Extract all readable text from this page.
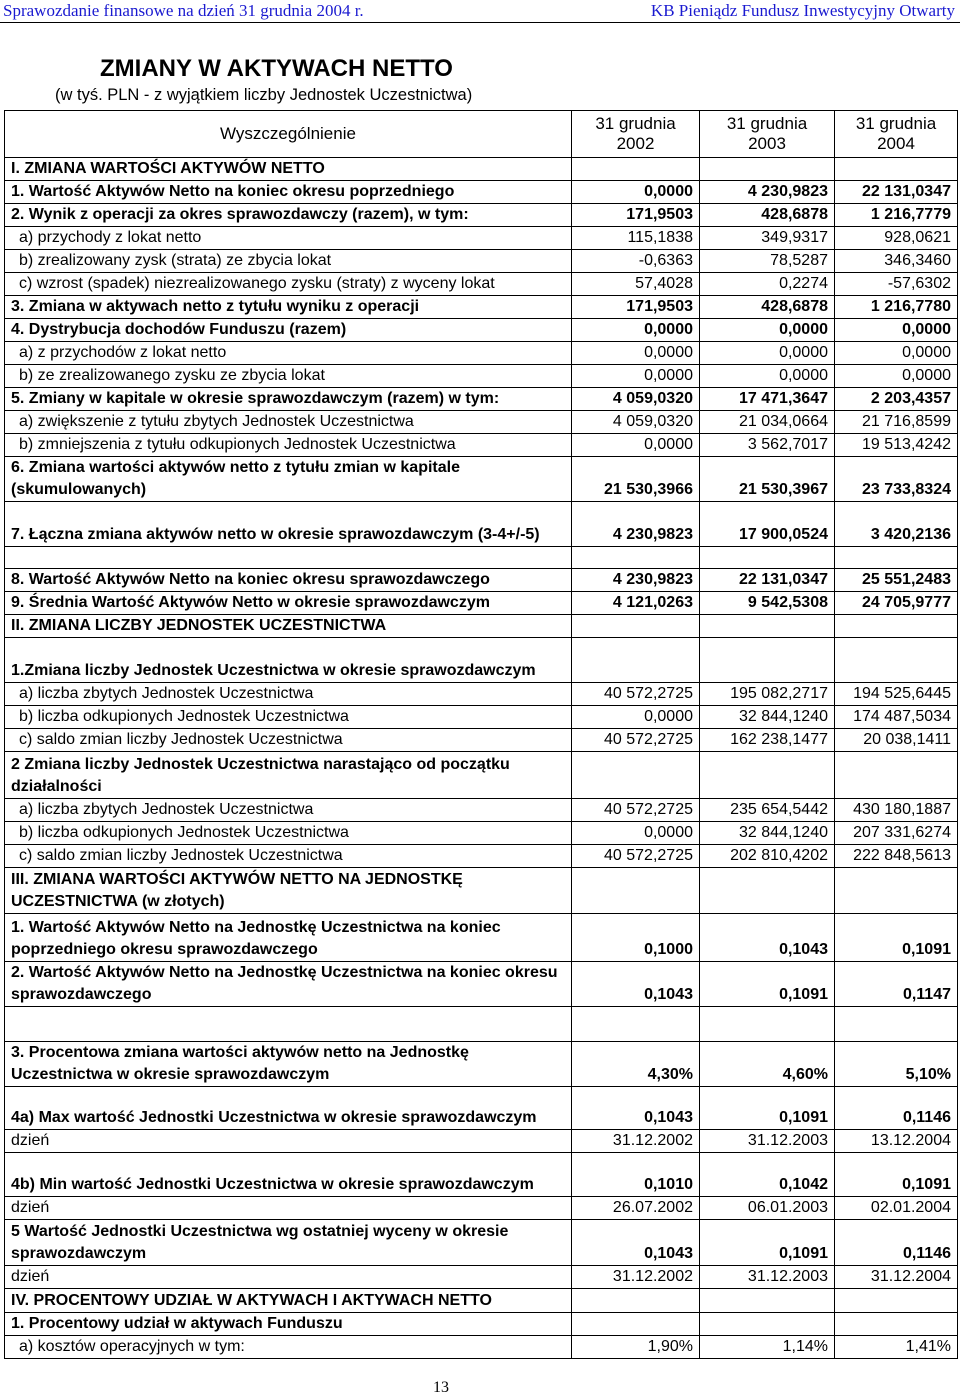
Sprawozdanie finansowe na dzień 31 grudnia 2004 r.	KB Pieniądz Fundusz Inwestycyjny Otwarty
ZMIANY W AKTYWACH NETTO
(w tyś. PLN - z wyjątkiem liczby Jednostek Uczestnictwa)
Wyszczególnienie	31 grudnia 2002	31 grudnia 2003	31 grudnia 2004
I. ZMIANA WARTOŚCI AKTYWÓW NETTO			
1. Wartość Aktywów Netto na koniec okresu poprzedniego	0,0000	4 230,9823	22 131,0347
2. Wynik z operacji za okres sprawozdawczy (razem), w tym:	171,9503	428,6878	1 216,7779
a) przychody z lokat netto	115,1838	349,9317	928,0621
b) zrealizowany zysk (strata) ze zbycia lokat	-0,6363	78,5287	346,3460
c) wzrost (spadek) niezrealizowanego zysku (straty) z wyceny lokat	57,4028	0,2274	-57,6302
3. Zmiana w aktywach netto z tytułu wyniku z operacji	171,9503	428,6878	1 216,7780
4. Dystrybucja dochodów Funduszu (razem)	0,0000	0,0000	0,0000
a) z przychodów z lokat netto	0,0000	0,0000	0,0000
b) ze zrealizowanego zysku ze zbycia lokat	0,0000	0,0000	0,0000
5. Zmiany w kapitale w okresie sprawozdawczym (razem) w tym:	4 059,0320	17 471,3647	2 203,4357
a) zwiększenie z tytułu zbytych Jednostek Uczestnictwa	4 059,0320	21 034,0664	21 716,8599
b) zmniejszenia z tytułu odkupionych Jednostek Uczestnictwa	0,0000	3 562,7017	19 513,4242
6. Zmiana wartości aktywów netto z tytułu zmian w kapitale (skumulowanych)	21 530,3966	21 530,3967	23 733,8324
7. Łączna zmiana aktywów netto w okresie sprawozdawczym (3-4+/-5)	4 230,9823	17 900,0524	3 420,2136

8. Wartość Aktywów Netto na koniec okresu sprawozdawczego	4 230,9823	22 131,0347	25 551,2483
9. Średnia Wartość Aktywów Netto w okresie sprawozdawczym	4 121,0263	9 542,5308	24 705,9777
II. ZMIANA LICZBY JEDNOSTEK UCZESTNICTWA			
1.Zmiana liczby Jednostek Uczestnictwa w okresie sprawozdawczym			
a) liczba zbytych Jednostek Uczestnictwa	40 572,2725	195 082,2717	194 525,6445
b) liczba odkupionych Jednostek Uczestnictwa	0,0000	32 844,1240	174 487,5034
c) saldo zmian liczby Jednostek Uczestnictwa	40 572,2725	162 238,1477	20 038,1411
2 Zmiana liczby Jednostek Uczestnictwa narastająco od początku działalności			
a) liczba zbytych Jednostek Uczestnictwa	40 572,2725	235 654,5442	430 180,1887
b) liczba odkupionych Jednostek Uczestnictwa	0,0000	32 844,1240	207 331,6274
c) saldo zmian liczby Jednostek Uczestnictwa	40 572,2725	202 810,4202	222 848,5613
III. ZMIANA WARTOŚCI AKTYWÓW NETTO NA JEDNOSTKĘ UCZESTNICTWA (w złotych)			
1. Wartość Aktywów Netto na Jednostkę Uczestnictwa na koniec poprzedniego okresu sprawozdawczego	0,1000	0,1043	0,1091
2. Wartość Aktywów Netto na Jednostkę Uczestnictwa na koniec okresu sprawozdawczego	0,1043	0,1091	0,1147

3. Procentowa zmiana wartości aktywów netto na Jednostkę Uczestnictwa w okresie sprawozdawczym	4,30%	4,60%	5,10%
4a) Max wartość Jednostki Uczestnictwa w okresie sprawozdawczym	0,1043	0,1091	0,1146
dzień	31.12.2002	31.12.2003	13.12.2004
4b) Min wartość Jednostki Uczestnictwa w okresie sprawozdawczym	0,1010	0,1042	0,1091
dzień	26.07.2002	06.01.2003	02.01.2004
5 Wartość Jednostki Uczestnictwa wg ostatniej wyceny w okresie sprawozdawczym	0,1043	0,1091	0,1146
dzień	31.12.2002	31.12.2003	31.12.2004
IV. PROCENTOWY UDZIAŁ W AKTYWACH I AKTYWACH NETTO			
1. Procentowy udział w aktywach Funduszu			
a) kosztów operacyjnych w tym:	1,90%	1,14%	1,41%
13
